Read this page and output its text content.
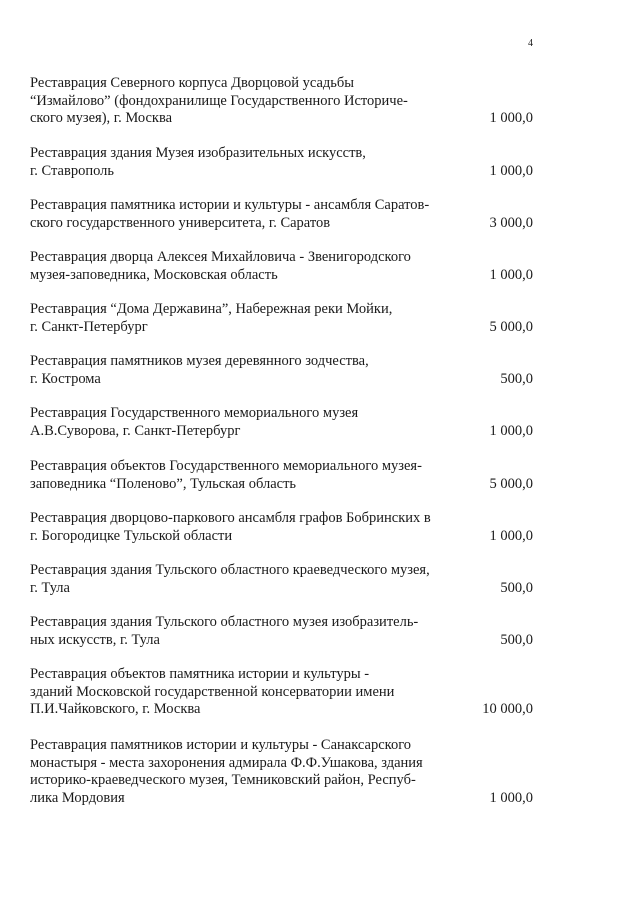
4
Реставрация Северного корпуса Дворцовой усадьбы
“Измайлово” (фондохранилище Государственного Историче-
ского музея), г. Москва	1 000,0
Реставрация здания Музея изобразительных искусств,
г. Ставрополь	1 000,0
Реставрация памятника истории и культуры - ансамбля Саратов-
ского государственного университета, г. Саратов	3 000,0
Реставрация дворца Алексея Михайловича - Звенигородского
музея-заповедника, Московская область	1 000,0
Реставрация “Дома Державина”, Набережная реки Мойки,
г. Санкт-Петербург	5 000,0
Реставрация памятников музея деревянного зодчества,
г. Кострома	500,0
Реставрация Государственного мемориального музея
А.В.Суворова, г. Санкт-Петербург	1 000,0
Реставрация объектов Государственного мемориального музея-
заповедника “Поленово”, Тульская область	5 000,0
Реставрация дворцово-паркового ансамбля графов Бобринских в
г. Богородицке Тульской области	1 000,0
Реставрация здания Тульского областного краеведческого музея,
г. Тула	500,0
Реставрация здания Тульского областного музея изобразитель-
ных искусств, г. Тула	500,0
Реставрация объектов памятника истории и культуры -
зданий Московской государственной консерватории имени
П.И.Чайковского, г. Москва	10 000,0
Реставрация памятников истории и культуры - Санаксарского
монастыря - места захоронения адмирала Ф.Ф.Ушакова, здания
историко-краеведческого музея, Темниковский район, Респуб-
лика Мордовия	1 000,0
